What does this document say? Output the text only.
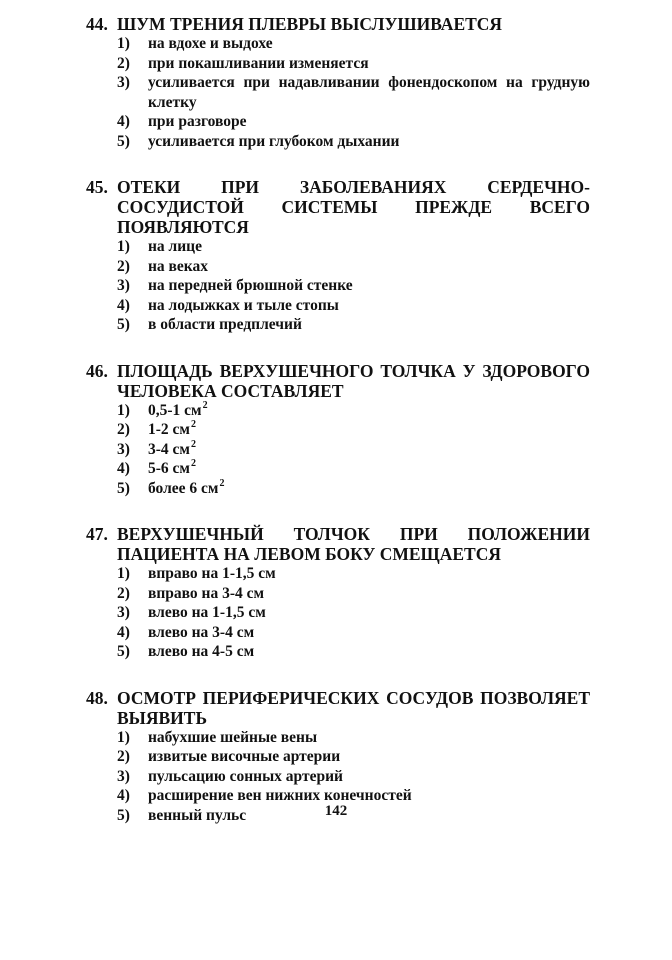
44. ШУМ ТРЕНИЯ ПЛЕВРЫ ВЫСЛУШИВАЕТСЯ
1)	на вдохе и выдохе
2)	при покашливании изменяется
3)	усиливается при надавливании фонендоскопом на грудную клетку
4)	при разговоре
5)	усиливается при глубоком дыхании
45. ОТЕКИ ПРИ ЗАБОЛЕВАНИЯХ СЕРДЕЧНО-СОСУДИСТОЙ СИСТЕМЫ ПРЕЖДЕ ВСЕГО ПОЯВЛЯЮТСЯ
1)	на лице
2)	на веках
3)	на передней брюшной стенке
4)	на лодыжках и тыле стопы
5)	в области предплечий
46. ПЛОЩАДЬ ВЕРХУШЕЧНОГО ТОЛЧКА У ЗДОРОВОГО ЧЕЛОВЕКА СОСТАВЛЯЕТ
1)	0,5-1 $см^2$
2)	1-2 $см^2$
3)	3-4 $см^2$
4)	5-6 $см^2$
5)	более 6 $см^2$
47. ВЕРХУШЕЧНЫЙ ТОЛЧОК ПРИ ПОЛОЖЕНИИ ПАЦИЕНТА НА ЛЕВОМ БОКУ СМЕЩАЕТСЯ
1)	вправо на 1-1,5 см
2)	вправо на 3-4 см
3)	влево на 1-1,5 см
4)	влево на 3-4 см
5)	влево на 4-5 см
48. ОСМОТР ПЕРИФЕРИЧЕСКИХ СОСУДОВ ПОЗВОЛЯЕТ ВЫЯВИТЬ
1)	набухшие шейные вены
2)	извитые височные артерии
3)	пульсацию сонных артерий
4)	расширение вен нижних конечностей
5)	венный пульс	142
